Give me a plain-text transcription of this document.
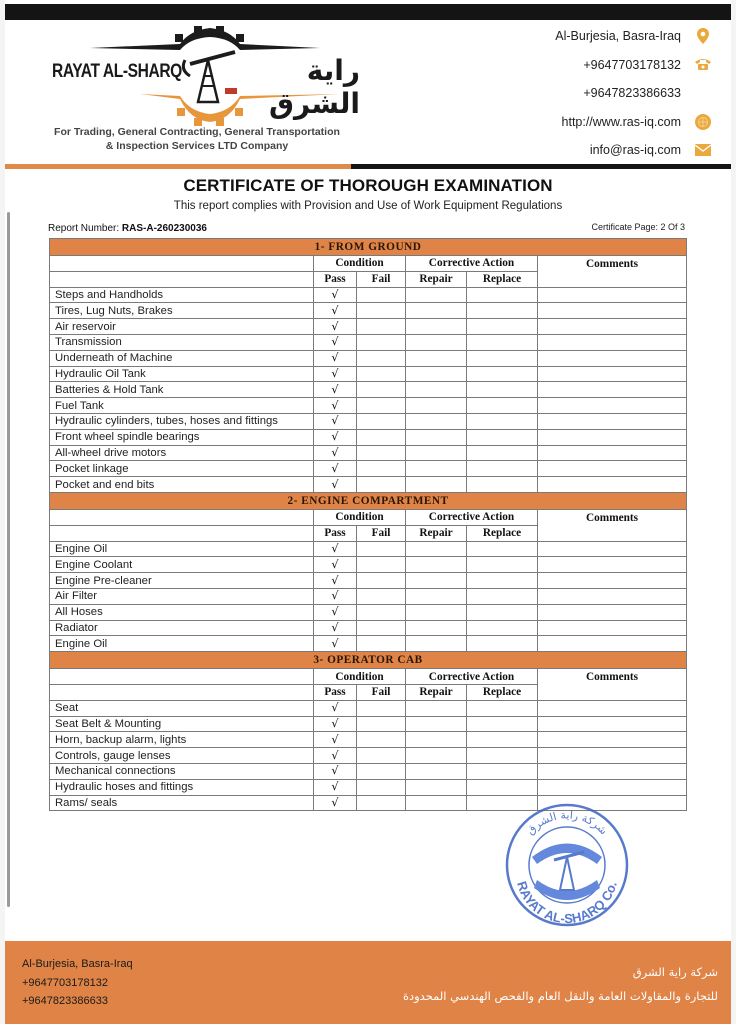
RAYAT AL-SHARQ	راية الشرق
For Trading, General Contracting, General Transportation
& Inspection Services LTD Company
Al-Burjesia, Basra-Iraq
+9647703178132
+9647823386633
http://www.ras-iq.com
info@ras-iq.com
CERTIFICATE OF THOROUGH EXAMINATION
This report complies with Provision and Use of Work Equipment Regulations
Report Number: RAS-A-260230036	Certificate Page: 2 Of 3
1- FROM GROUND					
	Condition		Corrective Action		Comments
	Pass	Fail	Repair	Replace	
Steps and Handholds	√				
Tires, Lug Nuts, Brakes	√				
Air reservoir	√				
Transmission	√				
Underneath of Machine	√				
Hydraulic Oil Tank	√				
Batteries & Hold Tank	√				
Fuel Tank	√				
Hydraulic cylinders, tubes, hoses and fittings	√				
Front wheel spindle bearings	√				
All-wheel drive motors	√				
Pocket linkage	√				
Pocket and end bits	√				
2- ENGINE COMPARTMENT					
	Condition		Corrective Action		Comments
	Pass	Fail	Repair	Replace	
Engine Oil	√				
Engine Coolant	√				
Engine Pre-cleaner	√				
Air Filter	√				
All Hoses	√				
Radiator	√				
Engine Oil	√				
3- OPERATOR CAB					
	Condition		Corrective Action		Comments
	Pass	Fail	Repair	Replace	
Seat	√				
Seat Belt & Mounting	√				
Horn, backup alarm, lights	√				
Controls, gauge lenses	√				
Mechanical connections	√				
Hydraulic hoses and fittings	√				
Rams/ seals	√				
RAYAT AL-SHARQ Co.
شركة راية الشرق
Al-Burjesia, Basra-Iraq
+9647703178132
+9647823386633
شركة راية الشرق
للتجارة والمقاولات العامة والنقل العام والفحص الهندسي المحدودة
